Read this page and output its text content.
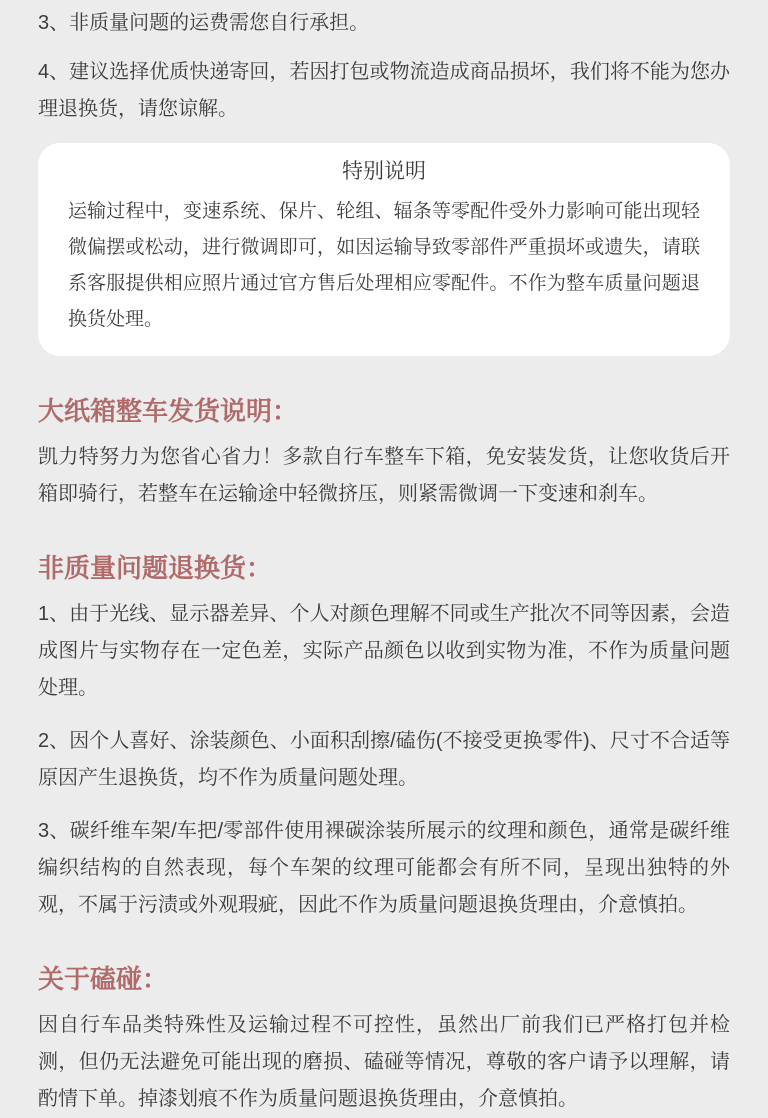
3、非质量问题的运费需您自行承担。

4、建议选择优质快递寄回，若因打包或物流造成商品损坏，我们将不能为您办理退换货，请您谅解。

特别说明
运输过程中，变速系统、保片、轮组、辐条等零配件受外力影响可能出现轻微偏摆或松动，进行微调即可，如因运输导致零部件严重损坏或遗失，请联系客服提供相应照片通过官方售后处理相应零配件。不作为整车质量问题退换货处理。
大纸箱整车发货说明：

凯力特努力为您省心省力！多款自行车整车下箱，免安装发货，让您收货后开箱即骑行，若整车在运输途中轻微挤压，则紧需微调一下变速和刹车。

非质量问题退换货：

1、由于光线、显示器差异、个人对颜色理解不同或生产批次不同等因素，会造成图片与实物存在一定色差，实际产品颜色以收到实物为准，不作为质量问题处理。

2、因个人喜好、涂装颜色、小面积刮擦/磕伤(不接受更换零件)、尺寸不合适等原因产生退换货，均不作为质量问题处理。

3、碳纤维车架/车把/零部件使用裸碳涂装所展示的纹理和颜色，通常是碳纤维编织结构的自然表现，每个车架的纹理可能都会有所不同，呈现出独特的外观，不属于污渍或外观瑕疵，因此不作为质量问题退换货理由，介意慎拍。

关于磕碰：

因自行车品类特殊性及运输过程不可控性，虽然出厂前我们已严格打包并检测，但仍无法避免可能出现的磨损、磕碰等情况，尊敬的客户请予以理解，请酌情下单。掉漆划痕不作为质量问题退换货理由，介意慎拍。
